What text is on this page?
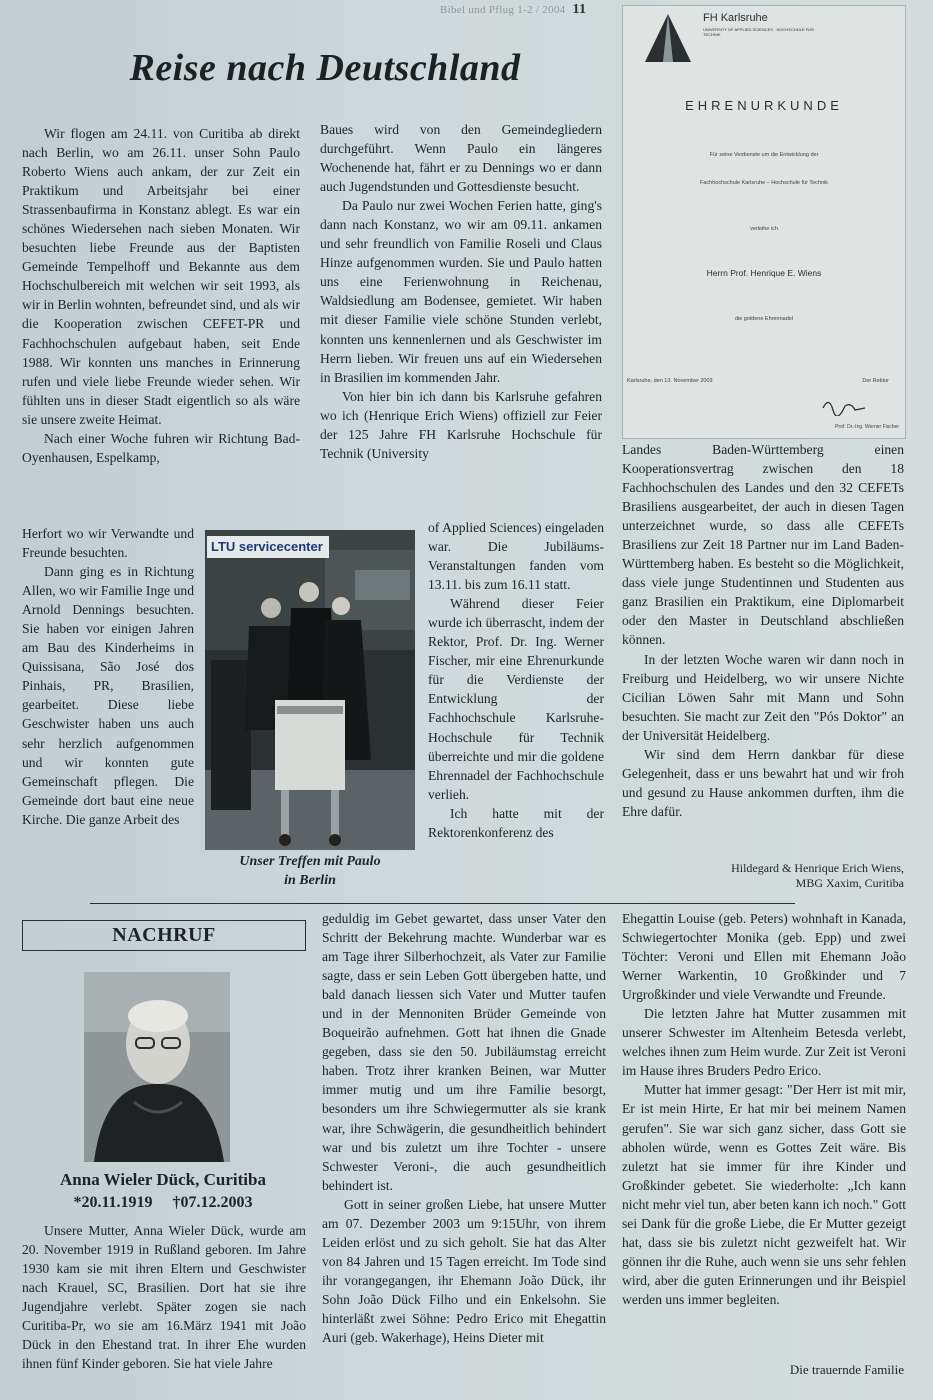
Bibel und Pflug 1-2 / 2004 11
Reise nach Deutschland

Wir flogen am 24.11. von Curitiba ab direkt nach Berlin, wo am 26.11. unser Sohn Paulo Roberto Wiens auch ankam, der zur Zeit ein Praktikum und Arbeitsjahr bei einer Strassenbaufirma in Konstanz ablegt. Es war ein schönes Wiedersehen nach sieben Monaten. Wir besuchten liebe Freunde aus der Baptisten Gemeinde Tempelhoff und Bekannte aus dem Hochschulbereich mit welchen wir seit 1993, als wir in Berlin wohnten, befreundet sind, und als wir die Kooperation zwischen CEFET-PR und Fachhochschulen aufgebaut haben, seit Ende 1988. Wir konnten uns manches in Erinnerung rufen und viele liebe Freunde wieder sehen. Wir fühlten uns in dieser Stadt eigentlich so als wäre sie unsere zweite Heimat.

Nach einer Woche fuhren wir Richtung Bad-Oyenhausen, Espelkamp,

Herfort wo wir Verwandte und Freunde besuchten.

Dann ging es in Richtung Allen, wo wir Familie Inge und Arnold Dennings besuchten. Sie haben vor einigen Jahren am Bau des Kinderheims in Quissisana, São José dos Pinhais, PR, Brasilien, gearbeitet. Diese liebe Geschwister haben uns auch sehr herzlich aufgenommen und wir konnten gute Gemeinschaft pflegen. Die Gemeinde dort baut eine neue Kirche. Die ganze Arbeit des

Baues wird von den Gemeindegliedern durchgeführt. Wenn Paulo ein längeres Wochenende hat, fährt er zu Dennings wo er dann auch Jugendstunden und Gottesdienste besucht.

Da Paulo nur zwei Wochen Ferien hatte, ging's dann nach Konstanz, wo wir am 09.11. ankamen und sehr freundlich von Familie Roseli und Claus Hinze aufgenommen wurden. Sie und Paulo hatten uns eine Ferienwohnung in Reichenau, Waldsiedlung am Bodensee, gemietet. Wir haben mit dieser Familie viele schöne Stunden verlebt, konnten uns kennenlernen und als Geschwister im Herrn lieben. Wir freuen uns auf ein Wiedersehen in Brasilien im kommenden Jahr.

Von hier bin ich dann bis Karlsruhe gefahren wo ich (Henrique Erich Wiens) offiziell zur Feier der 125 Jahre FH Karlsruhe Hochschule für Technik (University

of Applied Sciences) eingeladen war. Die Jubiläums-Veranstaltungen fanden vom 13.11. bis zum 16.11 statt.

Während dieser Feier wurde ich überrascht, indem der Rektor, Prof. Dr. Ing. Werner Fischer, mir eine Ehrenurkunde für die Verdienste der Entwicklung der Fachhochschule Karlsruhe-Hochschule für Technik überreichte und mir die goldene Ehrennadel der Fachhochschule verlieh.

Ich hatte mit der Rektorenkonferenz des

LTU servicecenter
Unser Treffen mit Paulo
in Berlin
FH Karlsruhe
UNIVERSITY OF APPLIED SCIENCES · HOCHSCHULE FÜR TECHNIK
EHRENURKUNDE
Für seine Verdienste um die Entwicklung der
Fachhochschule Karlsruhe – Hochschule für Technik
verleihe ich
Herrn Prof. Henrique E. Wiens
die goldene Ehrennadel
Karlsruhe, den 13. November 2003	Der Rektor
Prof. Dr.-Ing. Werner Fischer

Landes Baden-Württemberg einen Kooperationsvertrag zwischen den 18 Fachhochschulen des Landes und den 32 CEFETs Brasiliens ausgearbeitet, der auch in diesen Tagen unterzeichnet wurde, so dass alle CEFETs Brasiliens zur Zeit 18 Partner nur im Land Baden-Württemberg haben. Es besteht so die Möglichkeit, dass viele junge Studentinnen und Studenten aus ganz Brasilien ein Praktikum, eine Diplomarbeit oder den Master in Deutschland abschließen können.

In der letzten Woche waren wir dann noch in Freiburg und Heidelberg, wo wir unsere Nichte Cicilian Löwen Sahr mit Mann und Sohn besuchten. Sie macht zur Zeit den "Pós Doktor" an der Universität Heidelberg.

Wir sind dem Herrn dankbar für diese Gelegenheit, dass er uns bewahrt hat und wir froh und gesund zu Hause ankommen durften, ihm die Ehre dafür.

Hildegard & Henrique Erich Wiens,
MBG Xaxim, Curitiba
NACHRUF
Anna Wieler Dück, Curitiba
*20.11.1919     †07.12.2003

Unsere Mutter, Anna Wieler Dück, wurde am 20. November 1919 in Rußland geboren. Im Jahre 1930 kam sie mit ihren Eltern und Geschwister nach Krauel, SC, Brasilien. Dort hat sie ihre Jugendjahre verlebt. Später zogen sie nach Curitiba-Pr, wo sie am 16.März 1941 mit João Dück in den Ehestand trat. In ihrer Ehe wurden ihnen fünf Kinder geboren. Sie hat viele Jahre

geduldig im Gebet gewartet, dass unser Vater den Schritt der Bekehrung machte. Wunderbar war es am Tage ihrer Silberhochzeit, als Vater zur Familie sagte, dass er sein Leben Gott übergeben hatte, und bald danach liessen sich Vater und Mutter taufen und in der Mennoniten Brüder Gemeinde von Boqueirão aufnehmen. Gott hat ihnen die Gnade gegeben, dass sie den 50. Jubiläumstag erreicht haben. Trotz ihrer kranken Beinen, war Mutter immer mutig und um ihre Familie besorgt, besonders um ihre Schwiegermutter als sie krank war, ihre Schwägerin, die gesundheitlich behindert war und bis zuletzt um ihre Tochter - unsere Schwester Veroni-, die auch gesundheitlich behindert ist.

Gott in seiner großen Liebe, hat unsere Mutter am 07. Dezember 2003 um 9:15Uhr, von ihrem Leiden erlöst und zu sich geholt. Sie hat das Alter von 84 Jahren und 15 Tagen erreicht. Im Tode sind ihr vorangegangen, ihr Ehemann João Dück, ihr Sohn João Dück Filho und ein Enkelsohn. Sie hinterläßt zwei Söhne: Pedro Erico mit Ehegattin Auri (geb. Wakerhage), Heins Dieter mit

Ehegattin Louise (geb. Peters) wohnhaft in Kanada, Schwiegertochter Monika (geb. Epp) und zwei Töchter: Veroni und Ellen mit Ehemann João Werner Warkentin, 10 Großkinder und 7 Urgroßkinder und viele Verwandte und Freunde.

Die letzten Jahre hat Mutter zusammen mit unserer Schwester im Altenheim Betesda verlebt, welches ihnen zum Heim wurde. Zur Zeit ist Veroni im Hause ihres Bruders Pedro Erico.

Mutter hat immer gesagt: "Der Herr ist mit mir, Er ist mein Hirte, Er hat mir bei meinem Namen gerufen". Sie war sich ganz sicher, dass Gott sie abholen würde, wenn es Gottes Zeit wäre. Bis zuletzt hat sie immer für ihre Kinder und Großkinder gebetet. Sie wiederholte: „Ich kann nicht mehr viel tun, aber beten kann ich noch." Gott sei Dank für die große Liebe, die Er Mutter gezeigt hat, dass sie bis zuletzt nicht gezweifelt hat. Wir gönnen ihr die Ruhe, auch wenn sie uns sehr fehlen wird, aber die guten Erinnerungen und ihr Beispiel werden uns immer begleiten.

Die trauernde Familie
